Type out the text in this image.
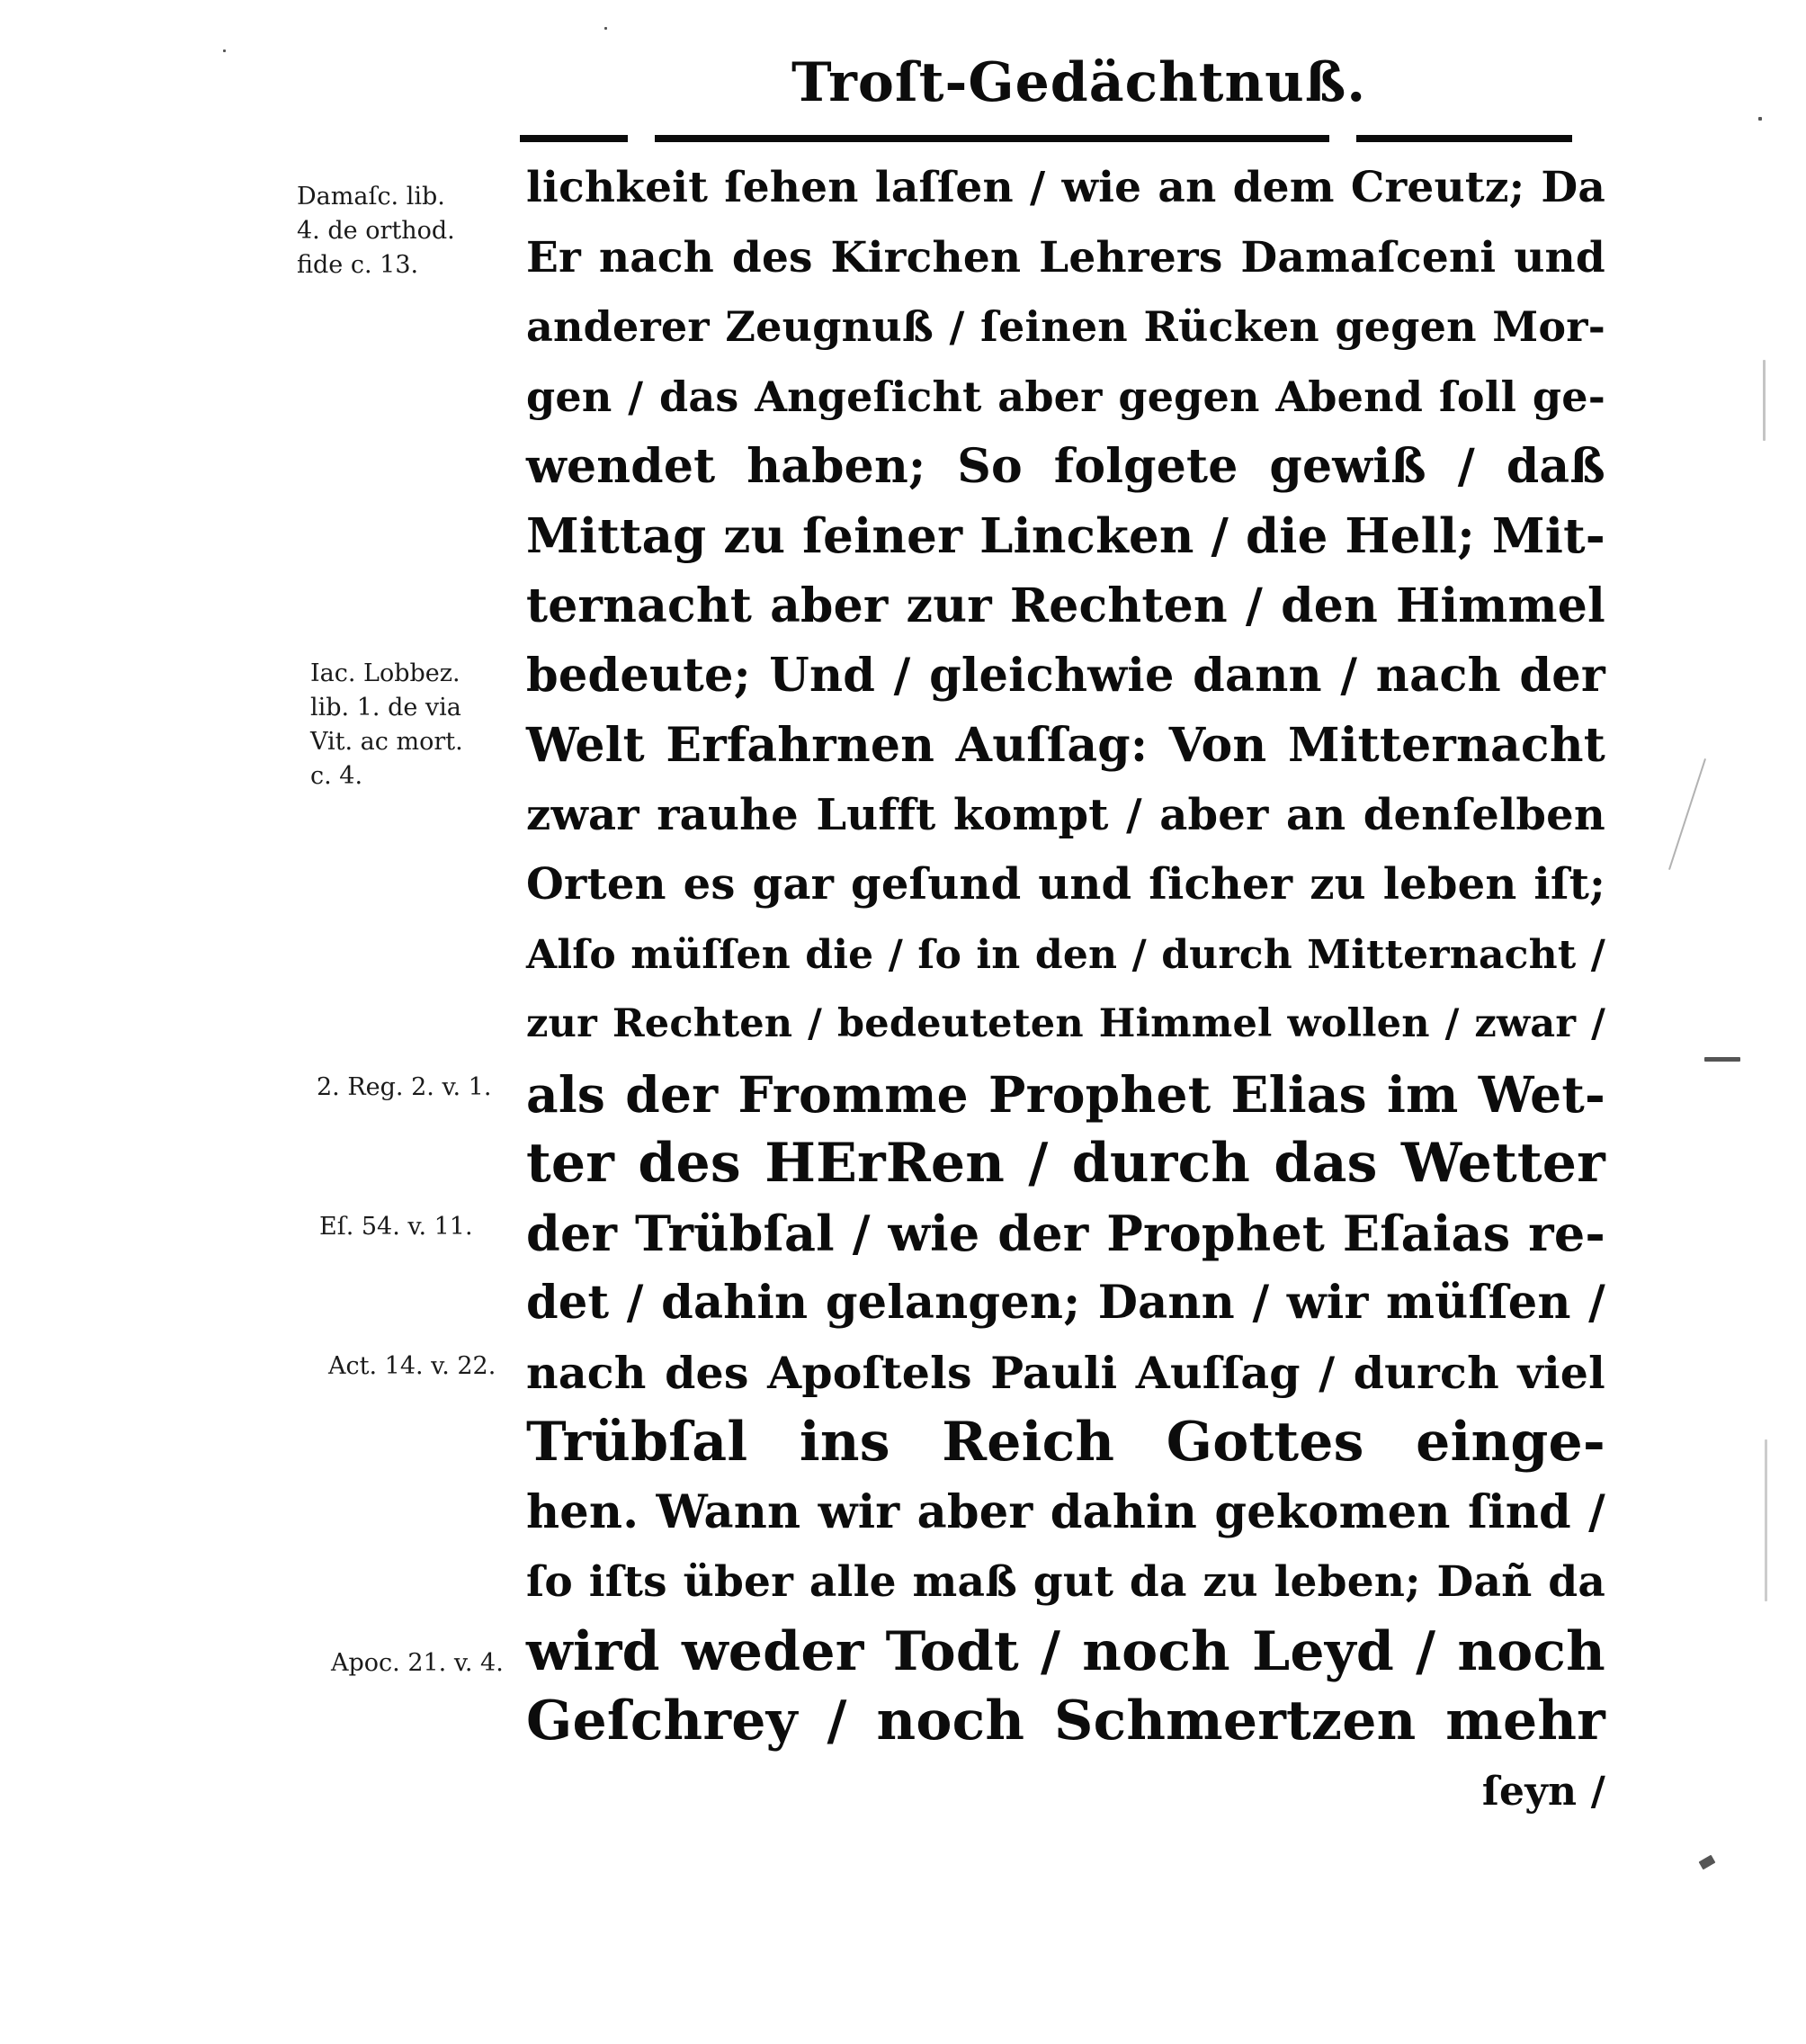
Troſt-Gedächtnuß.
Damaſc. lib.
4. de orthod.
fide c. 13.
Iac. Lobbez.
lib. 1. de via
Vit. ac mort.
c. 4.
2. Reg. 2. v. 1.
Eſ. 54. v. 11.
Act. 14. v. 22.
Apoc. 21. v. 4.
lichkeit ſehen laſſen / wie an dem Creutz; Da
Er nach des Kirchen Lehrers Damaſceni und
anderer Zeugnuß / ſeinen Rücken gegen Mor-
gen / das Angeſicht aber gegen Abend ſoll ge-
wendet haben; So folgete gewiß / daß
Mittag zu ſeiner Lincken / die Hell; Mit-
ternacht aber zur Rechten / den Himmel
bedeute; Und / gleichwie dann / nach der
Welt Erfahrnen Auſſag: Von Mitternacht
zwar rauhe Lufft kompt / aber an denſelben
Orten es gar geſund und ſicher zu leben iſt;
Alſo müſſen die / ſo in den / durch Mitternacht /
zur Rechten / bedeuteten Himmel wollen / zwar /
als der Fromme Prophet Elias im Wet-
ter des HErRen / durch das Wetter
der Trübſal / wie der Prophet Eſaias re-
det / dahin gelangen; Dann / wir müſſen /
nach des Apoſtels Pauli Auſſag / durch viel
Trübſal ins Reich Gottes einge-
hen. Wann wir aber dahin gekomen ſind /
ſo iſts über alle maß gut da zu leben; Dañ da
wird weder Todt / noch Leyd / noch
Geſchrey / noch Schmertzen mehr
ſeyn /
